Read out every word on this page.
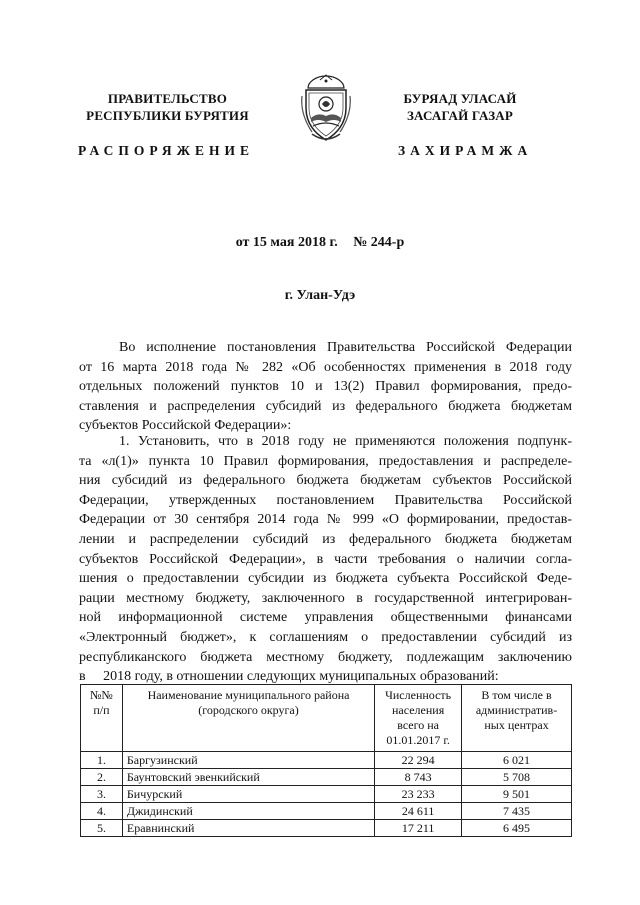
ПРАВИТЕЛЬСТВО
РЕСПУБЛИКИ БУРЯТИЯ
БУРЯАД УЛАСАЙ
ЗАСАГАЙ ГАЗАР
РАСПОРЯЖЕНИЕ	ЗАХИРАМЖА
от 15 мая 2018 г. № 244-р
г. Улан-Удэ
Во исполнение постановления Правительства Российской Федерации
от 16 марта 2018 года № 282 «Об особенностях применения в 2018 году
отдельных положений пунктов 10 и 13(2) Правил формирования, предо-
ставления и распределения субсидий из федерального бюджета бюджетам
субъектов Российской Федерации»:
1. Установить, что в 2018 году не применяются положения подпунк-
та «л(1)» пункта 10 Правил формирования, предоставления и распределе-
ния субсидий из федерального бюджета бюджетам субъектов Российской
Федерации, утвержденных постановлением Правительства Российской
Федерации от 30 сентября 2014 года № 999 «О формировании, предостав-
лении и распределении субсидий из федерального бюджета бюджетам
субъектов Российской Федерации», в части требования о наличии согла-
шения о предоставлении субсидии из бюджета субъекта Российской Феде-
рации местному бюджету, заключенного в государственной интегрирован-
ной информационной системе управления общественными финансами
«Электронный бюджет», к соглашениям о предоставлении субсидий из
республиканского бюджета местному бюджету, подлежащим заключению
в     2018 году, в отношении следующих муниципальных образований:
№№ п/п	Наименование муниципального района (городского округа)	Численность населения всего на 01.01.2017 г.	В том числе в административ-ных центрах
1.	Баргузинский	22 294	6 021
2.	Баунтовский эвенкийский	8 743	5 708
3.	Бичурский	23 233	9 501
4.	Джидинский	24 611	7 435
5.	Еравнинский	17 211	6 495
